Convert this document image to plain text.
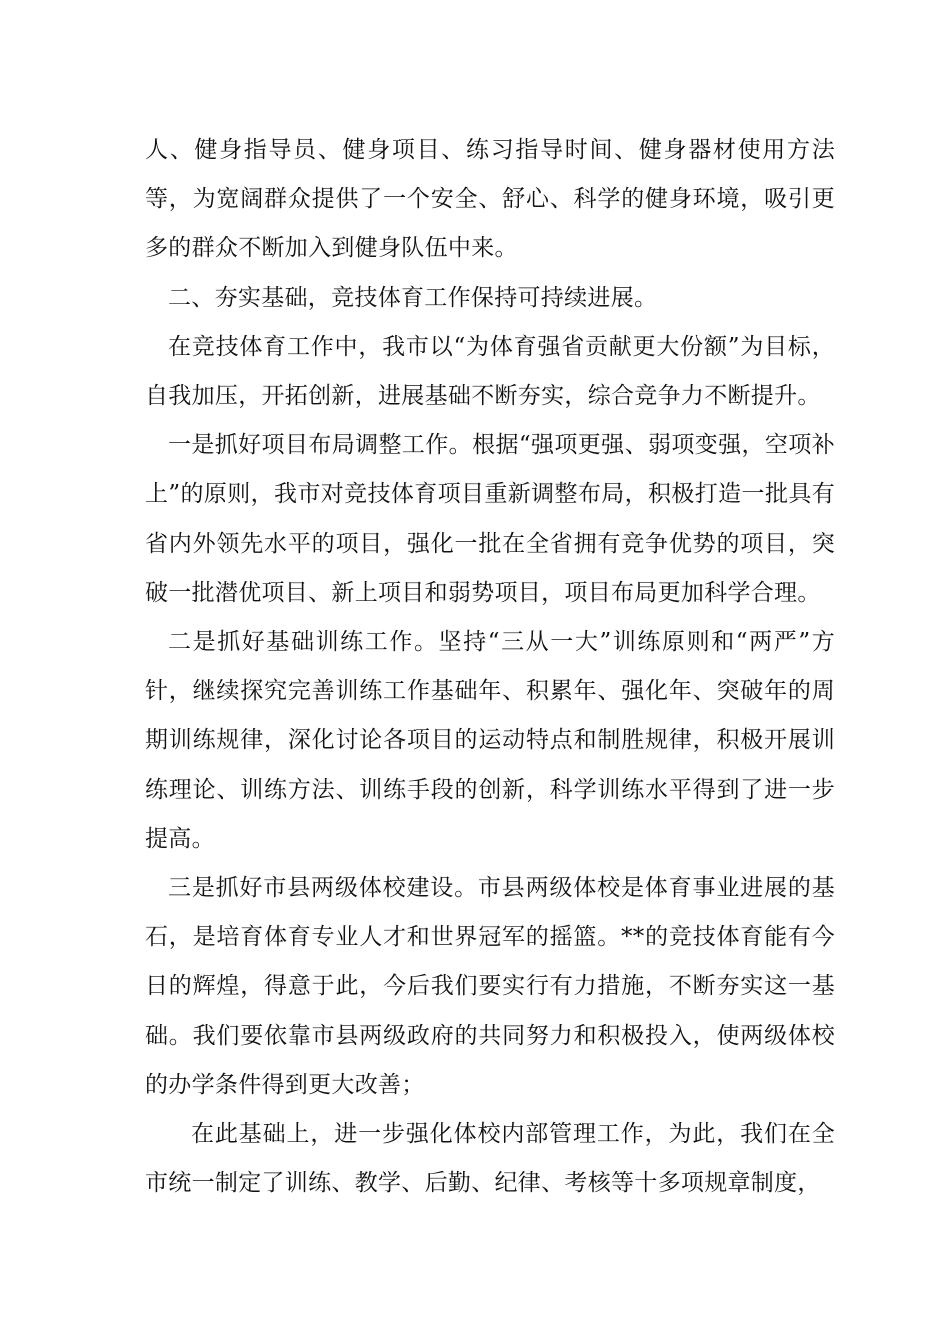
人、健身指导员、健身项目、练习指导时间、健身器材使用方法等，为宽阔群众提供了一个安全、舒心、科学的健身环境，吸引更多的群众不断加入到健身队伍中来。

二、夯实基础，竞技体育工作保持可持续进展。

在竞技体育工作中，我市以“为体育强省贡献更大份额”为目标，自我加压，开拓创新，进展基础不断夯实，综合竞争力不断提升。

一是抓好项目布局调整工作。根据“强项更强、弱项变强，空项补上”的原则，我市对竞技体育项目重新调整布局，积极打造一批具有省内外领先水平的项目，强化一批在全省拥有竞争优势的项目，突破一批潜优项目、新上项目和弱势项目，项目布局更加科学合理。

二是抓好基础训练工作。坚持“三从一大”训练原则和“两严”方针，继续探究完善训练工作基础年、积累年、强化年、突破年的周期训练规律，深化讨论各项目的运动特点和制胜规律，积极开展训练理论、训练方法、训练手段的创新，科学训练水平得到了进一步提高。

三是抓好市县两级体校建设。市县两级体校是体育事业进展的基石，是培育体育专业人才和世界冠军的摇篮。**的竞技体育能有今日的辉煌，得意于此，今后我们要实行有力措施，不断夯实这一基础。我们要依靠市县两级政府的共同努力和积极投入，使两级体校的办学条件得到更大改善；

在此基础上，进一步强化体校内部管理工作，为此，我们在全市统一制定了训练、教学、后勤、纪律、考核等十多项规章制度，
